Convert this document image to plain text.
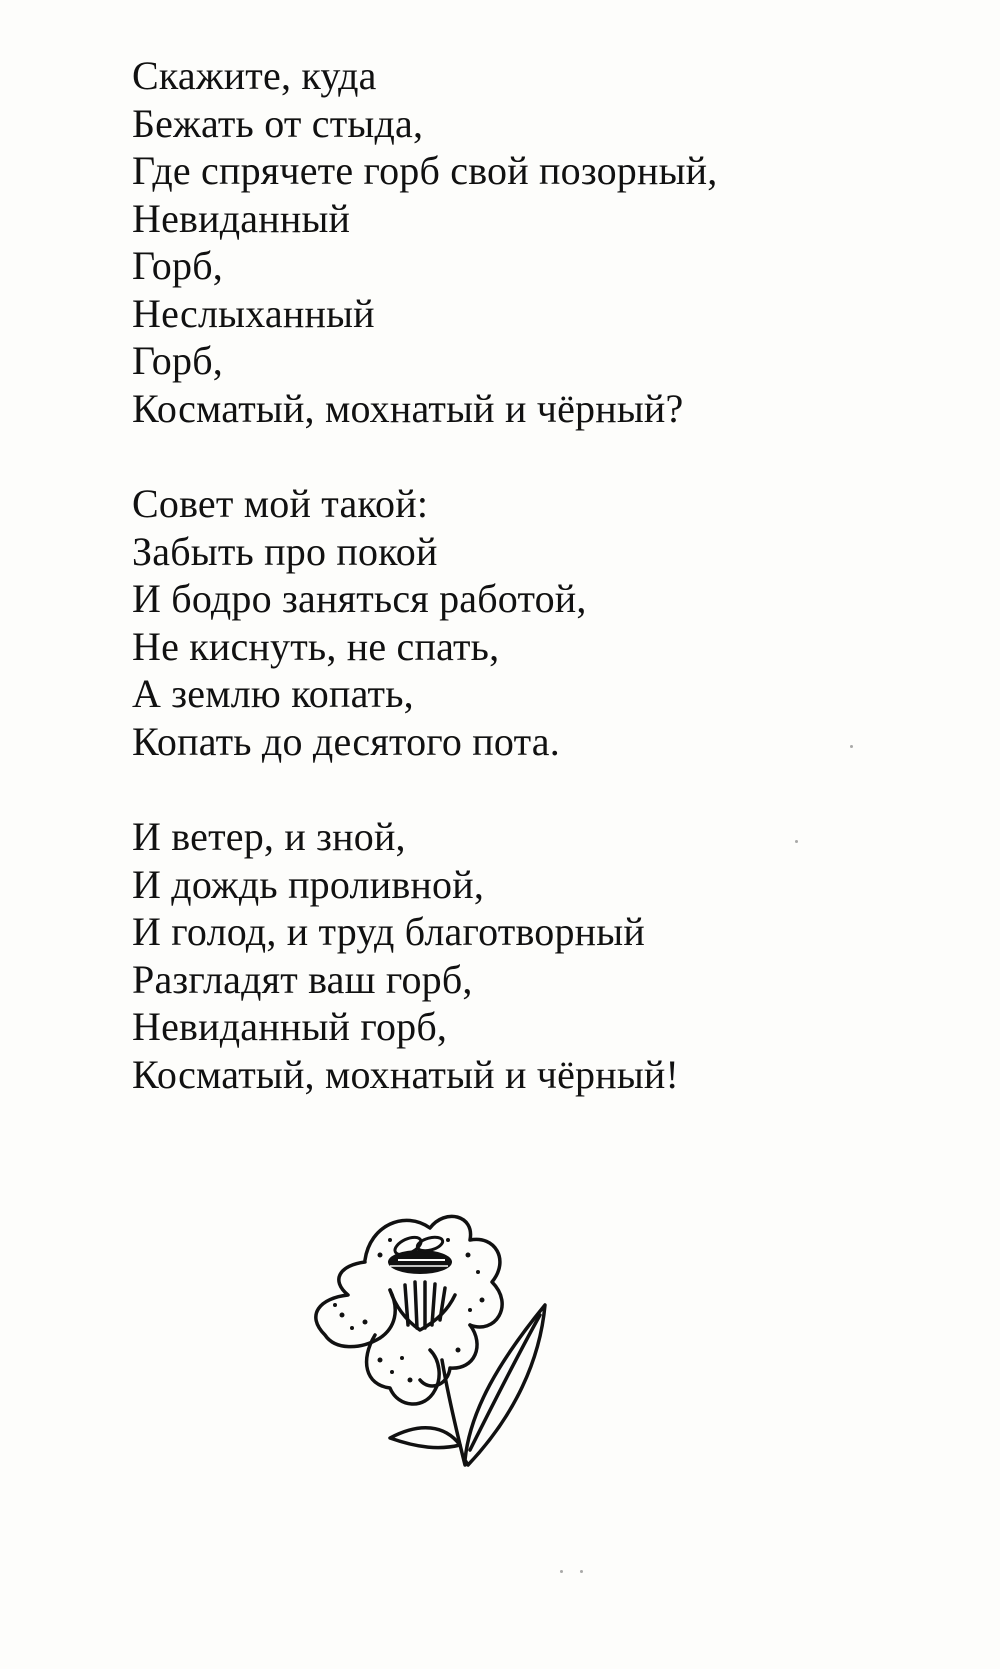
Скажите, куда
Бежать от стыда,
Где спрячете горб свой позорный,
Невиданный
Горб,
Неслыханный
Горб,
Косматый, мохнатый и чёрный?
Совет мой такой:
Забыть про покой
И бодро заняться работой,
Не киснуть, не спать,
А землю копать,
Копать до десятого пота.
И ветер, и зной,
И дождь проливной,
И голод, и труд благотворный
Разгладят ваш горб,
Невиданный горб,
Косматый, мохнатый и чёрный!
